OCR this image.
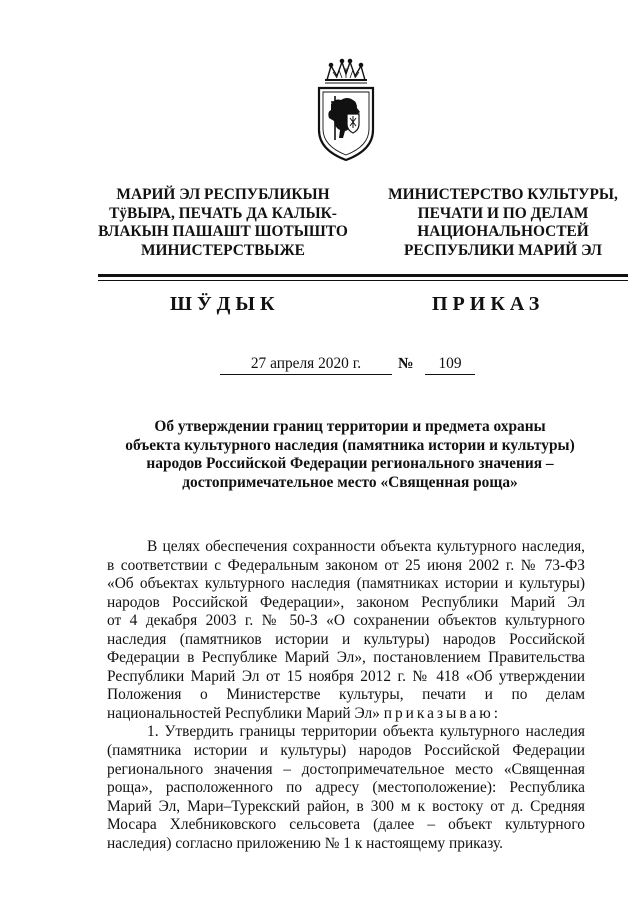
МАРИЙ ЭЛ РЕСПУБЛИКЫН
ТÿВЫРА, ПЕЧАТЬ ДА КАЛЫК-
ВЛАКЫН ПАШАШТ ШОТЫШТО
МИНИСТЕРСТВЫЖЕ
МИНИСТЕРСТВО КУЛЬТУРЫ,
ПЕЧАТИ И ПО ДЕЛАМ
НАЦИОНАЛЬНОСТЕЙ
РЕСПУБЛИКИ МАРИЙ ЭЛ
ШӰДЫК	ПРИКАЗ
27 апреля 2020 г.	№	109
Об утверждении границ территории и предмета охраны
объекта культурного наследия (памятника истории и культуры)
народов Российской Федерации регионального значения –
достопримечательное место «Священная роща»
В целях обеспечения сохранности объекта культурного наследия,
в соответствии с Федеральным законом от 25 июня 2002 г. № 73-ФЗ
«Об объектах культурного наследия (памятниках истории и культуры)
народов Российской Федерации», законом Республики Марий Эл
от 4 декабря 2003 г. № 50-З «О сохранении объектов культурного
наследия (памятников истории и культуры) народов Российской
Федерации в Республике Марий Эл», постановлением Правительства
Республики Марий Эл от 15 ноября 2012 г. № 418 «Об утверждении
Положения о Министерстве культуры, печати и по делам
национальностей Республики Марий Эл» приказываю:
1. Утвердить границы территории объекта культурного наследия
(памятника истории и культуры) народов Российской Федерации
регионального значения – достопримечательное место «Священная
роща», расположенного по адресу (местоположение): Республика
Марий Эл, Мари–Турекский район, в 300 м к востоку от д. Средняя
Мосара Хлебниковского сельсовета (далее – объект культурного
наследия) согласно приложению № 1 к настоящему приказу.
